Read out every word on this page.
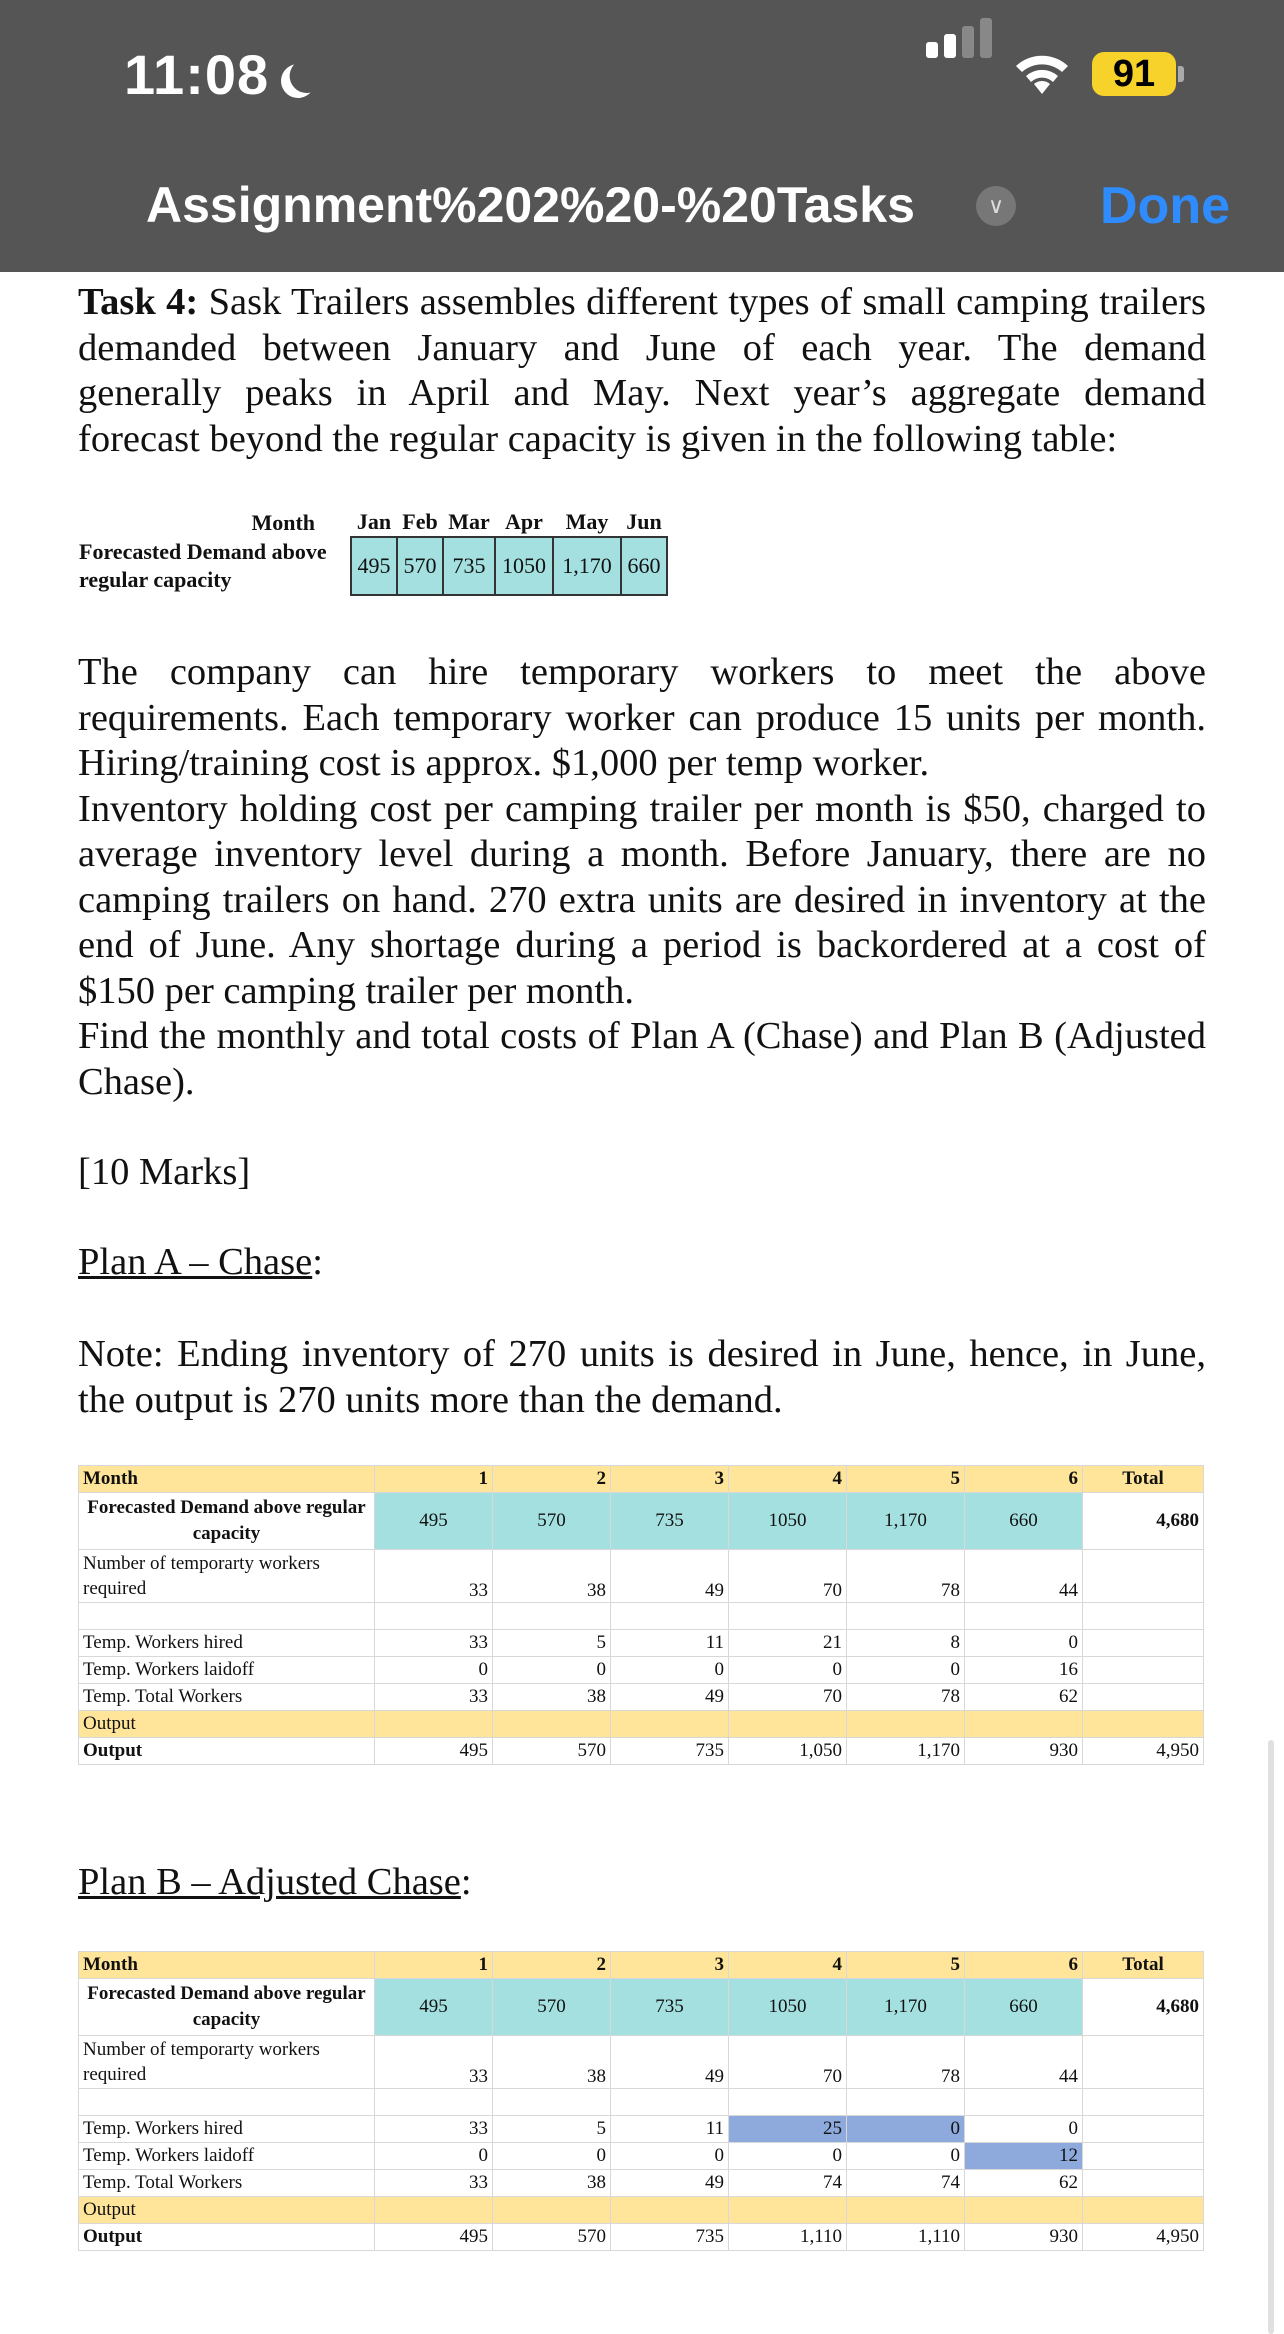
11:08	91
Assignment%202%20-%20Tasks	∨ Done

Task 4: Sask Trailers assembles different types of small camping trailers demanded between January and June of each year. The demand generally peaks in April and May. Next year’s aggregate demand forecast beyond the regular capacity is given in the following table:

Month	Jan	Feb	Mar	Apr	May	Jun
Forecasted Demand above regular capacity	495	570	735	1050	1,170	660

The company can hire temporary workers to meet the above requirements. Each temporary worker can produce 15 units per month. Hiring/training cost is approx. $1,000 per temp worker.

Inventory holding cost per camping trailer per month is $50, charged to average inventory level during a month. Before January, there are no camping trailers on hand. 270 extra units are desired in inventory at the end of June. Any shortage during a period is backordered at a cost of $150 per camping trailer per month.

Find the monthly and total costs of Plan A (Chase) and Plan B (Adjusted Chase).

[10 Marks]
Plan A – Chase:
Note: Ending inventory of 270 units is desired in June, hence, in June, the output is 270 units more than the demand.
Month	1	2	3	4	5	6	Total
Forecasted Demand above regular capacity	495	570	735	1050	1,170	660	4,680
Number of temporarty workers required	33	38	49	70	78	44	

Temp. Workers hired	33	5	11	21	8	0	
Temp. Workers laidoff	0	0	0	0	0	16	
Temp. Total Workers	33	38	49	70	78	62	
Output							
Output	495	570	735	1,050	1,170	930	4,950
Plan B – Adjusted Chase:
Month	1	2	3	4	5	6	Total
Forecasted Demand above regular capacity	495	570	735	1050	1,170	660	4,680
Number of temporarty workers required	33	38	49	70	78	44	

Temp. Workers hired	33	5	11	25	0	0	
Temp. Workers laidoff	0	0	0	0	0	12	
Temp. Total Workers	33	38	49	74	74	62	
Output							
Output	495	570	735	1,110	1,110	930	4,950
